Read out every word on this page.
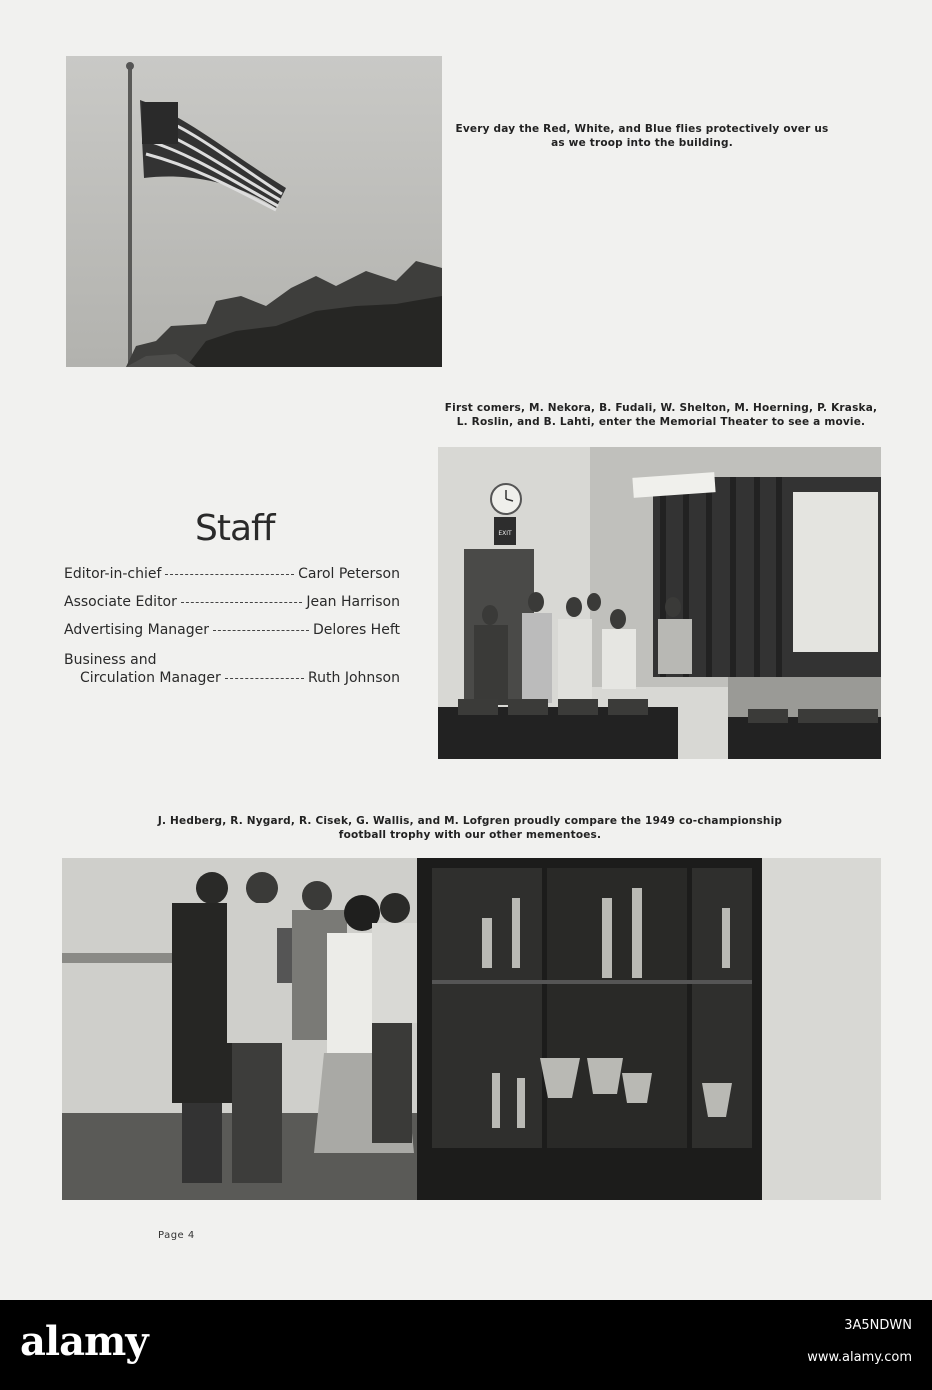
Every day the Red, White, and Blue flies protectively over us as we troop into the building.
First comers, M. Nekora, B. Fudali, W. Shelton, M. Hoerning, P. Kraska, L. Roslin, and B. Lahti, enter the Memorial Theater to see a movie.
EXIT
Staff
Editor-in-chief	Carol Peterson
Associate Editor	Jean Harrison
Advertising Manager	Delores Heft
Business and
Circulation Manager	Ruth Johnson
J. Hedberg, R. Nygard, R. Cisek, G. Wallis, and M. Lofgren proudly compare the 1949 co-championship football trophy with our other mementoes.
Page 4
alamy	3A5NDWN
www.alamy.com
